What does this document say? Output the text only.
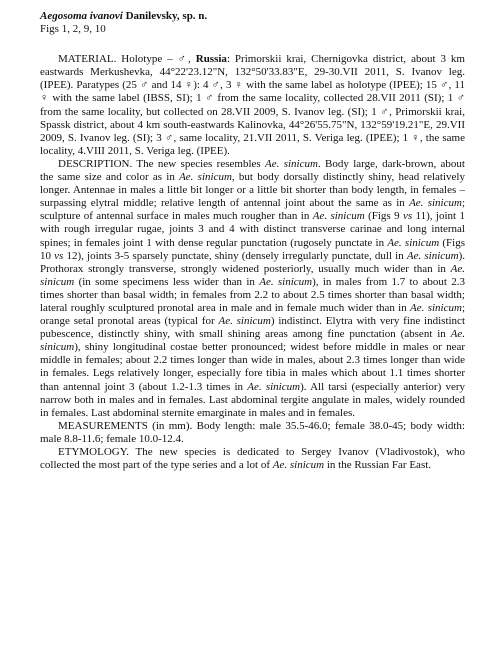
Aegosoma ivanovi Danilevsky, sp. n.

Figs 1, 2, 9, 10

MATERIAL. Holotype – ♂, Russia: Primorskii krai, Chernigovka district, about 3 km eastwards Merkushevka, 44°22'23.12"N, 132°50'33.83"E, 29-30.VII 2011, S. Ivanov leg. (IPEE). Paratypes (25 ♂ and 14 ♀): 4 ♂, 3 ♀ with the same label as holotype (IPEE); 15 ♂, 11 ♀ with the same label (IBSS, SI); 1 ♂ from the same locality, collected 28.VII 2011 (SI); 1 ♂ from the same locality, but collected on 28.VII 2009, S. Ivanov leg. (SI); 1 ♂, Primorskii krai, Spassk district, about 4 km south-eastwards Kalinovka, 44°26'55.75"N, 132°59'19.21"E, 29.VII 2009, S. Ivanov leg. (SI); 3 ♂, same locality, 21.VII 2011, S. Veriga leg. (IPEE); 1 ♀, the same locality, 4.VIII 2011, S. Veriga leg. (IPEE).

DESCRIPTION. The new species resembles Ae. sinicum. Body large, dark-brown, about the same size and color as in Ae. sinicum, but body dorsally distinctly shiny, head relatively longer. Antennae in males a little bit longer or a little bit shorter than body length, in females – surpassing elytral middle; relative length of antennal joint about the same as in Ae. sinicum; sculpture of antennal surface in males much rougher than in Ae. sinicum (Figs 9 vs 11), joint 1 with rough irregular rugae, joints 3 and 4 with distinct transverse carinae and long internal spines; in females joint 1 with dense regular punctation (rugosely punctate in Ae. sinicum (Figs 10 vs 12), joints 3-5 sparsely punctate, shiny (densely irregularly punctate, dull in Ae. sinicum). Prothorax strongly transverse, strongly widened posteriorly, usually much wider than in Ae. sinicum (in some specimens less wider than in Ae. sinicum), in males from 1.7 to about 2.3 times shorter than basal width; in females from 2.2 to about 2.5 times shorter than basal width; lateral roughly sculptured pronotal area in male and in female much wider than in Ae. sinicum; orange setal pronotal areas (typical for Ae. sinicum) indistinct. Elytra with very fine indistinct pubescence, distinctly shiny, with small shining areas among fine punctation (absent in Ae. sinicum), shiny longitudinal costae better pronounced; widest before middle in males or near middle in females; about 2.2 times longer than wide in males, about 2.3 times longer than wide in females. Legs relatively longer, especially fore tibia in males which about 1.1 times shorter than antennal joint 3 (about 1.2-1.3 times in Ae. sinicum). All tarsi (especially anterior) very narrow both in males and in females. Last abdominal tergite angulate in males, widely rounded in females. Last abdominal sternite emarginate in males and in females.

MEASUREMENTS (in mm). Body length: male 35.5-46.0; female 38.0-45; body width: male 8.8-11.6; female 10.0-12.4.

ETYMOLOGY. The new species is dedicated to Sergey Ivanov (Vladivostok), who collected the most part of the type series and a lot of Ae. sinicum in the Russian Far East.
